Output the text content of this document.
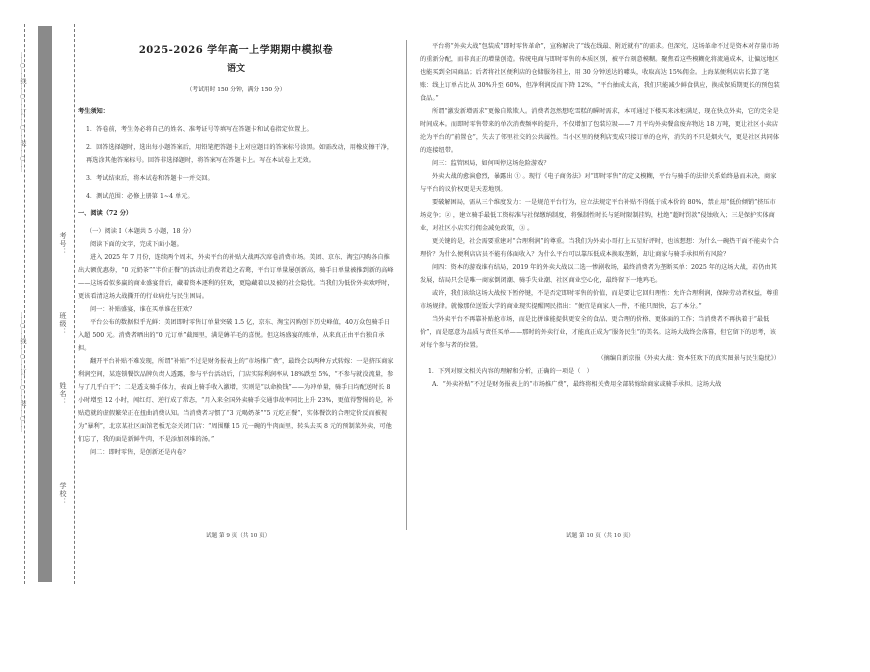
……○……线……○……订……○……装……○……
……○……线……○……订……○……装……○……
学校：
姓名：
班级：
考号：
2025-2026 学年高一上学期期中模拟卷
语文
（考试用时 150 分钟，满分 150 分）

考生须知：

1．答卷前，考生务必将自己的姓名、准考证号等填写在答题卡和试卷指定位置上。

2．回答选择题时，选出每小题答案后，用铅笔把答题卡上对应题目的答案标号涂黑。如需改动，用橡皮擦干净，再选涂其他答案标号。回答非选择题时，将答案写在答题卡上。写在本试卷上无效。

3．考试结束后，将本试卷和答题卡一并交回。

4．测试范围：必修上册第 1~4 单元。

一、阅读（72 分）

（一）阅读 I（本题共 5 小题，18 分）

阅读下面的文字，完成下面小题。

进入 2025 年 7 月份，连续两个周末，外卖平台的补贴大战再次席卷消费市场。美团、京东、淘宝闪购各自推出大额优惠券，“0 元奶茶”“半价正餐”的活动让消费者趋之若鹜，平台订单量屡创新高，骑手日单量被推到新的高峰——这场看似多赢的商业盛宴背后，藏着资本逐利的狂欢，更隐藏着以及被的社会隐忧。当我们为低价外卖欢呼时，更该看清这场大战撕开的行业病灶与民生困局。

问一：补贴盛宴，谁在买单谁在狂欢？

平台公布的数据似乎光鲜：美团即时零售订单量突破 1.5 亿，京东、淘宝闪购创下历史峰值，40万众包骑手日入超 500 元。消费者晒出的“0 元订单”截图里，满是薅羊毛的喜悦。但这场盛宴的账单，从来真正由平台独自承担。

翻开平台补贴不难发现，所谓“补贴”不过是财务报表上的“市场推广费”，最终会以两种方式转嫁：一是挤压商家利润空间，某连锁餐饮品牌负责人透露，参与平台活动后，门店实际利润率从 18%跌至 5%，“不参与就没流量，参与了几乎白干”；二是透支骑手体力，表面上骑手收入激增，实则是“以命换钱”——为冲单量，骑手日均配送时长 8 小时增至 12 小时，闯红灯、逆行成了常态，“月入来全国外卖骑手交通事故率同比上升 23%，更值得警惕的是，补贴造就的虚假繁荣正在扭曲消费认知。当消费者习惯了“3 元喝奶茶”“5 元吃正餐”，实体餐饮的合理定价反而被视为“暴利”，北京某社区面馆老板无奈关闭门店：“周围赚 15 元一碗的牛肉面里，转头去买 8 元的预制菜外卖，可他们忘了，我的面是新鲜牛肉，不是添加剂堆的汤。”

问二：即时零售，是创新还是内卷？

平台将“外卖大战”包装成“即时零售革命”，宣称解决了“线在线最、附近就有”的需求。但深究，这场革命不过是资本对存量市场的重新分配，而非真正的增量创造。传统电商与即时零售的本质区别，被平台刻意模糊。聚焦看这些模糊化将流通成本，让偏远地区也能买到全国商品；后者将社区便利店的仓储服务挂上，用 30 分钟送达的噱头，收取高达 15%佣金。上海某便利店店长算了笔账：线上订单占比从 30%升至 60%，但净利润反而下降 12%，“平台抽成太高，我们只能减少鲜食供应，换成保质期更长的预包装食品。”

所谓“激发新增需求”更像自欺欺人。消费者忽然想吃雪糕的瞬时需求，本可通过下楼买来冰柜满足，现在快点外卖，它的完全是时间成本。而即时零售带来的单次消费频率的提升，不仅增加了包装垃圾——7 月平均外卖餐盒废弃物达 18 万吨，更让社区小卖店沦为平台的“前置仓”，失去了邻里社交的公共属性。当小区里的便利店变成只接订单的仓库，消失的不只是烟火气，更是社区共同体的连接纽带。

问三：监管困局，如何叫停这场危险游戏？

外卖大战的愈演愈烈，暴露出 ① 。现行《电子商务法》对“即时零售”的定义模糊，平台与骑手的法律关系始终悬而未决，商家与平台的议价权更是天差地别。

要破解困局，需从三个维度发力：一是规范平台行为，应立法规定平台补贴不得低于成本价的 80%，禁止用“低价倾销”挤压市场竞争；② ，建立骑手最低工资标准与社保缴纳制度，将强制性时长与延时限制挂钩，杜绝“超时罚款”侵蚀收入；三是保护实体商业，对社区小店实行佣金减免政策，③ 。

更关键的是，社会需要重建对“合理利润”的尊重。当我们为外卖小哥打上五星好评时，也该想想：为什么一碗热干面不能卖个合理价？为什么便利店店员不能有体面收入？为什么平台可以靠压低成本换取垄断，却让商家与骑手承担所有风险？

问四：资本的游戏谁有结局，2019 年的外卖大战以二选一惨剧收场，最终消费者为垄断买单：2025 年的这场大战，若仍由其发展，结局只会是唯一商家倒闭潮、骑手失业潮、社区商业空心化，最终留下一地鸡毛。

或许，我们该给这场大战按下暂停键，不是否定即时零售的价值，而是要让它回归理性：允许合理利润，保障劳动者权益，尊重市场规律。就像那位送饭大学的商业现实提醒网民指出：“便宜是商家人一件，不能只图快，忘了本分。”

当外卖平台不再靠补贴抢市场，而是比拼谁能提供更安全的食品、更合理的价格、更体面的工作；当消费者不再执着于“最低价”，而是愿意为品质与责任买单——那时的外卖行业，才能真正成为“服务民生”的美名。这场大战终会落幕，但它留下的思考，该对每个参与者的位置。

（摘编自新京报《外卖大战：资本狂欢下的真实图景与民生隐忧》）

1．下列对原文相关内容的理解和分析，正确的一项是（　）

A．“外卖补贴”不过是财务报表上的“市场推广费”，最终将相关费用全部转嫁给商家或骑手承担。这场大战

试题 第 9 页（共 10 页）	试题 第 10 页（共 10 页）
